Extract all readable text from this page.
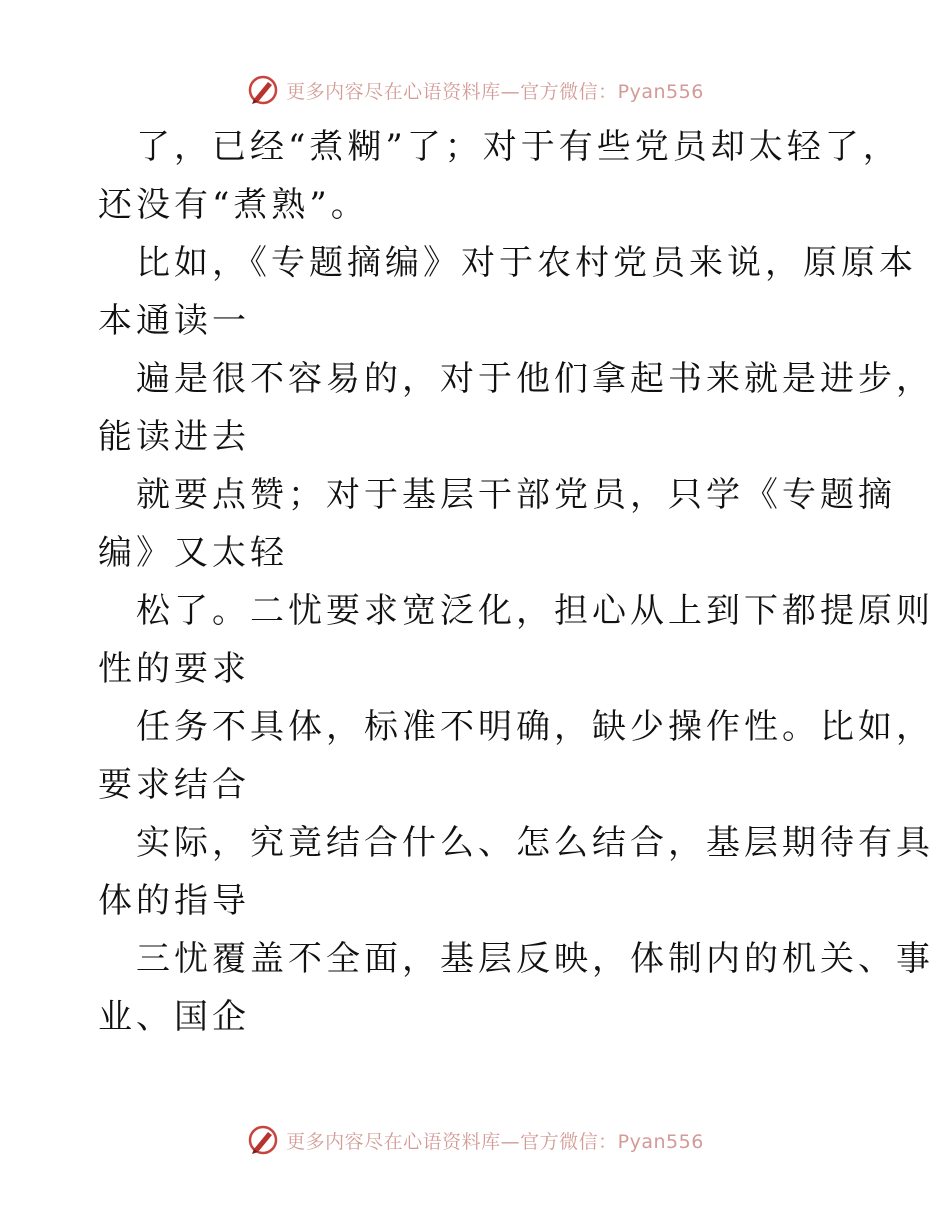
更多内容尽在心语资料库—官方微信：Pyan556
了，已经“煮糊”了；对于有些党员却太轻了，
还没有“煮熟”。
比如，《专题摘编》对于农村党员来说，原原本
本通读一
遍是很不容易的，对于他们拿起书来就是进步，
能读进去
就要点赞；对于基层干部党员，只学《专题摘
编》又太轻
松了。二忧要求宽泛化，担心从上到下都提原则
性的要求
任务不具体，标准不明确，缺少操作性。比如，
要求结合
实际，究竟结合什么、怎么结合，基层期待有具
体的指导
三忧覆盖不全面，基层反映，体制内的机关、事
业、国企
更多内容尽在心语资料库—官方微信：Pyan556
